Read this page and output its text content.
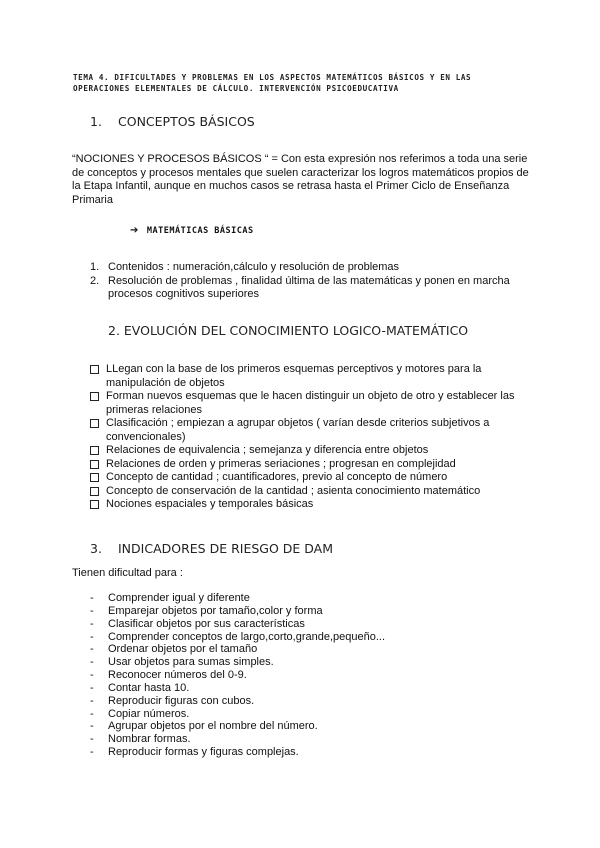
TEMA 4. DIFICULTADES Y PROBLEMAS EN LOS ASPECTOS MATEMÁTICOS BÁSICOS Y EN LAS
OPERACIONES ELEMENTALES DE CÁLCULO. INTERVENCIÓN PSICOEDUCATIVA
1. CONCEPTOS BÁSICOS

“NOCIONES Y PROCESOS BÁSICOS “ = Con esta expresión nos referimos a toda una serie de conceptos y procesos mentales que suelen caracterizar los logros matemáticos propios de la Etapa Infantil, aunque en muchos casos se retrasa hasta el Primer Ciclo de Enseñanza Primaria

➔ MATEMÁTICAS BÁSICAS
1. Contenidos : numeración,cálculo y resolución de problemas
2. Resolución de problemas , finalidad última de las matemáticas y ponen en marcha procesos cognitivos superiores
2. EVOLUCIÓN DEL CONOCIMIENTO LOGICO-MATEMÁTICO
LLegan con la base de los primeros esquemas perceptivos y motores para la manipulación de objetos
Forman nuevos esquemas que le hacen distinguir un objeto de otro y establecer las primeras relaciones
Clasificación ; empiezan a agrupar objetos ( varían desde criterios subjetivos a convencionales)
Relaciones de equivalencia ; semejanza y diferencia entre objetos
Relaciones de orden y primeras seriaciones ; progresan en complejidad
Concepto de cantidad ; cuantificadores, previo al concepto de número
Concepto de conservación de la cantidad ; asienta conocimiento matemático
Nociones espaciales y temporales básicas
3. INDICADORES DE RIESGO DE DAM

Tienen dificultad para :

- Comprender igual y diferente
- Emparejar objetos por tamaño,color y forma
- Clasificar objetos por sus características
- Comprender conceptos de largo,corto,grande,pequeño...
- Ordenar objetos por el tamaño
- Usar objetos para sumas simples.
- Reconocer números del 0-9.
- Contar hasta 10.
- Reproducir figuras con cubos.
- Copiar números.
- Agrupar objetos por el nombre del número.
- Nombrar formas.
- Reproducir formas y figuras complejas.
